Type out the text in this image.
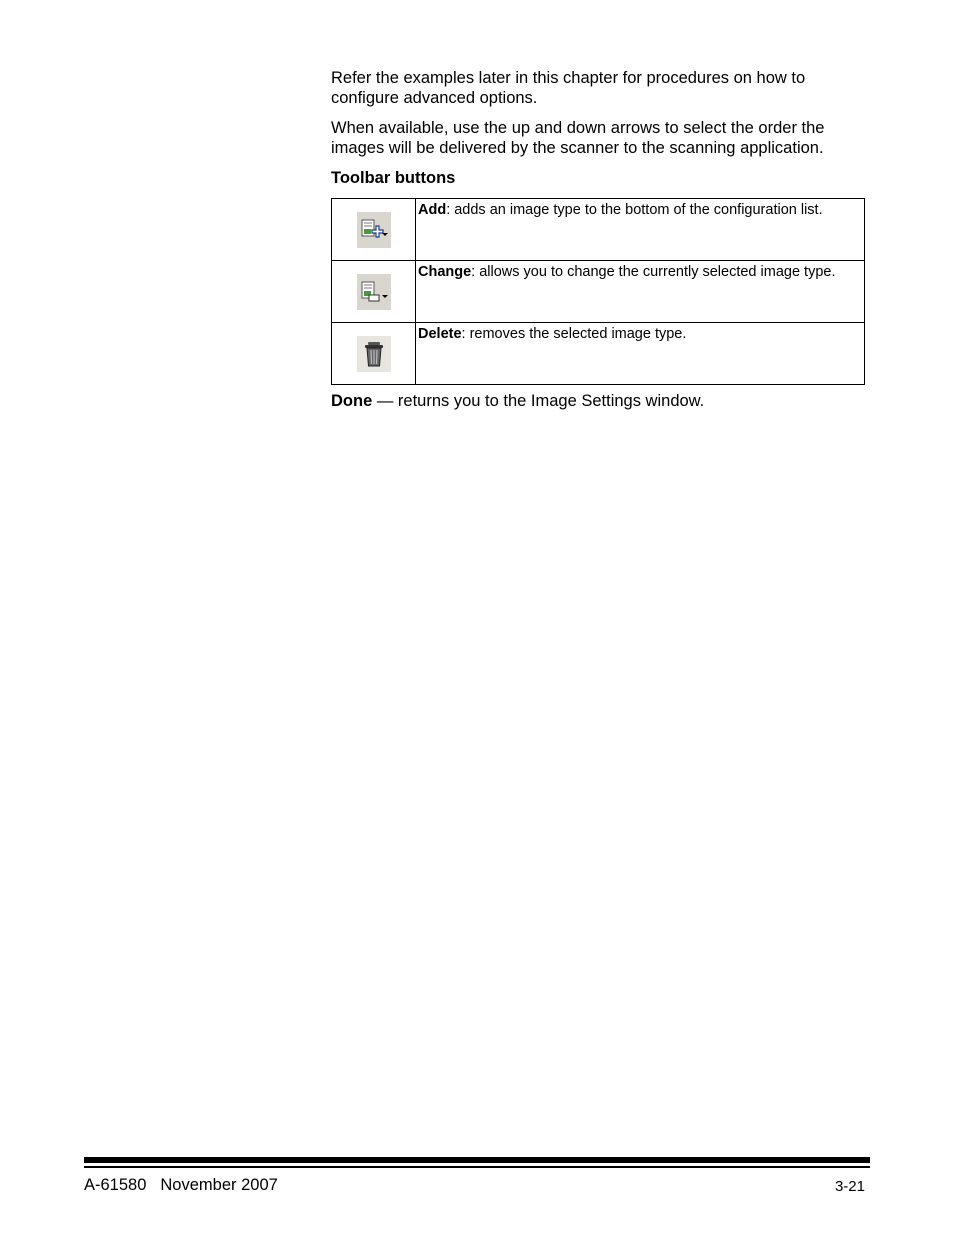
Refer the examples later in this chapter for procedures on how to configure advanced options.

When available, use the up and down arrows to select the order the images will be delivered by the scanner to the scanning application.

Toolbar buttons
	Add: adds an image type to the bottom of the configuration list.
	Change: allows you to change the currently selected image type.
	Delete: removes the selected image type.
Done — returns you to the Image Settings window.
A-61580 November 2007	3-21
